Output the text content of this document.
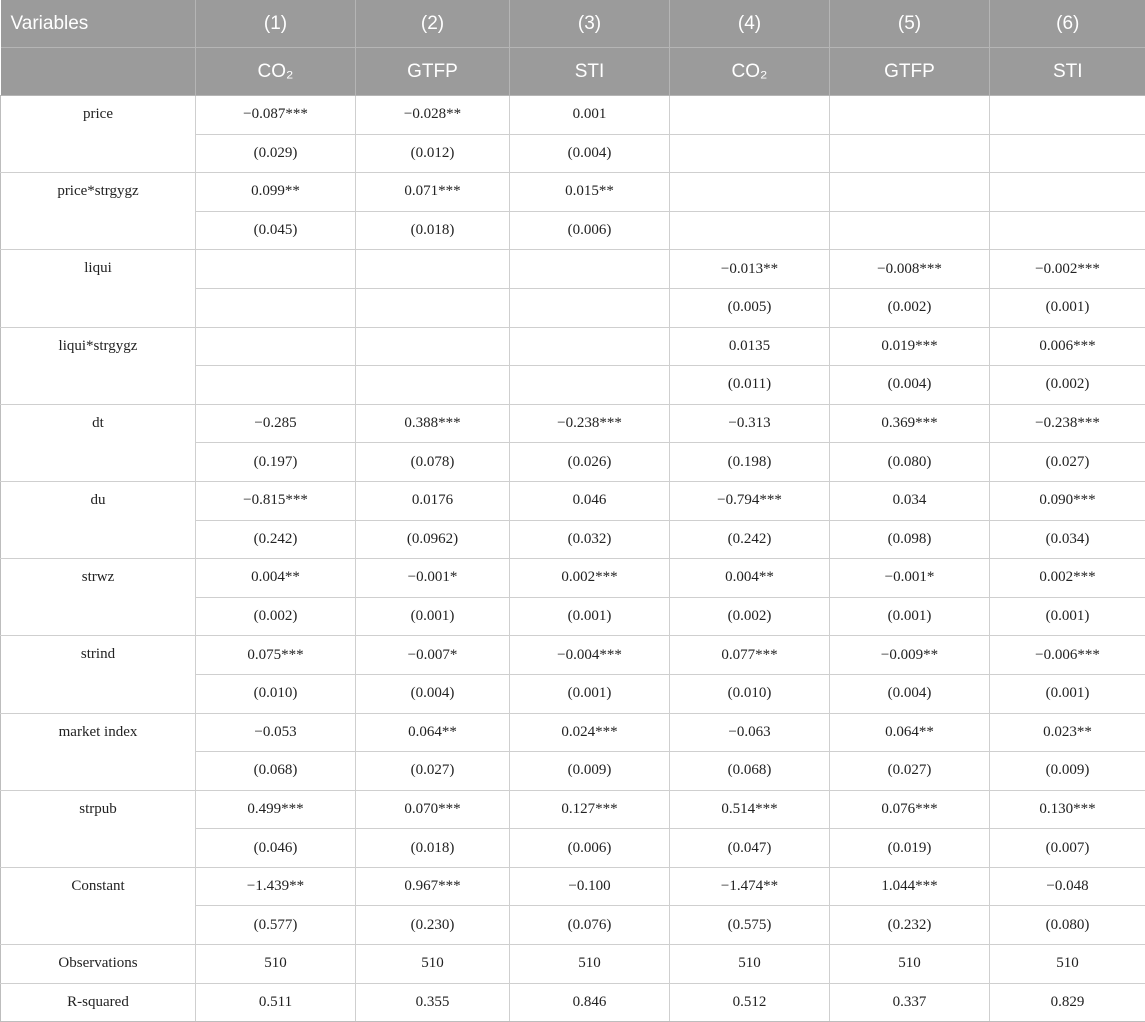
Variables	(1)	(2)	(3)	(4)	(5)	(6)
	CO₂	GTFP	STI	CO₂	GTFP	STI
price	−0.087***	−0.028**	0.001			
	(0.029)	(0.012)	(0.004)			
price*strgygz	0.099**	0.071***	0.015**			
	(0.045)	(0.018)	(0.006)			
liqui				−0.013**	−0.008***	−0.002***
				(0.005)	(0.002)	(0.001)
liqui*strgygz				0.0135	0.019***	0.006***
				(0.011)	(0.004)	(0.002)
dt	−0.285	0.388***	−0.238***	−0.313	0.369***	−0.238***
	(0.197)	(0.078)	(0.026)	(0.198)	(0.080)	(0.027)
du	−0.815***	0.0176	0.046	−0.794***	0.034	0.090***
	(0.242)	(0.0962)	(0.032)	(0.242)	(0.098)	(0.034)
strwz	0.004**	−0.001*	0.002***	0.004**	−0.001*	0.002***
	(0.002)	(0.001)	(0.001)	(0.002)	(0.001)	(0.001)
strind	0.075***	−0.007*	−0.004***	0.077***	−0.009**	−0.006***
	(0.010)	(0.004)	(0.001)	(0.010)	(0.004)	(0.001)
market index	−0.053	0.064**	0.024***	−0.063	0.064**	0.023**
	(0.068)	(0.027)	(0.009)	(0.068)	(0.027)	(0.009)
strpub	0.499***	0.070***	0.127***	0.514***	0.076***	0.130***
	(0.046)	(0.018)	(0.006)	(0.047)	(0.019)	(0.007)
Constant	−1.439**	0.967***	−0.100	−1.474**	1.044***	−0.048
	(0.577)	(0.230)	(0.076)	(0.575)	(0.232)	(0.080)
Observations	510	510	510	510	510	510
R-squared	0.511	0.355	0.846	0.512	0.337	0.829
